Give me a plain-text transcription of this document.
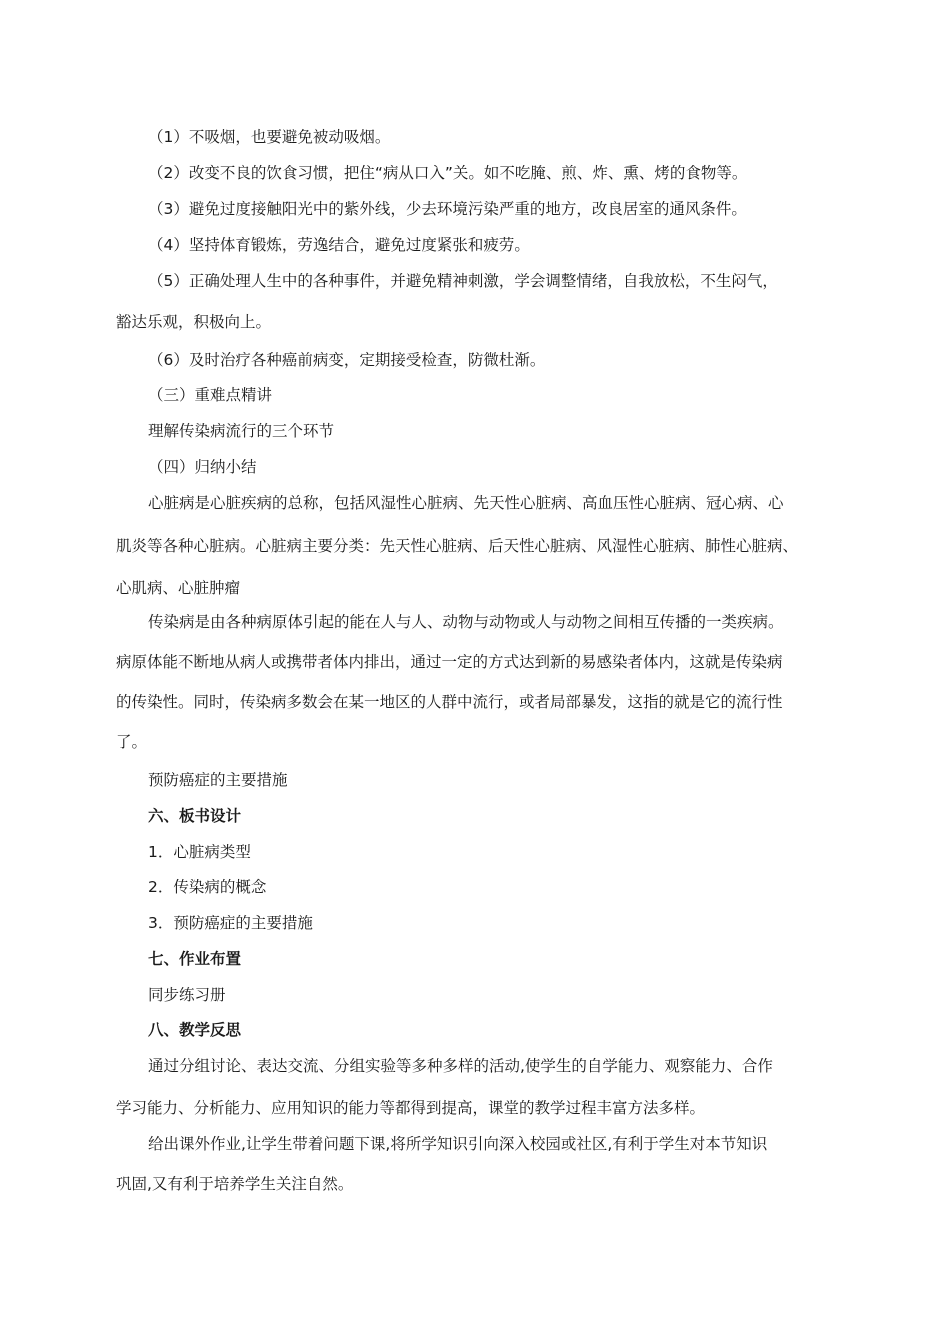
（1）不吸烟，也要避免被动吸烟。
（2）改变不良的饮食习惯，把住“病从口入”关。如不吃腌、煎、炸、熏、烤的食物等。
（3）避免过度接触阳光中的紫外线，少去环境污染严重的地方，改良居室的通风条件。
（4）坚持体育锻炼，劳逸结合，避免过度紧张和疲劳。
（5）正确处理人生中的各种事件，并避免精神刺激，学会调整情绪，自我放松，不生闷气，
豁达乐观，积极向上。
（6）及时治疗各种癌前病变，定期接受检查，防微杜渐。
（三）重难点精讲
理解传染病流行的三个环节
（四）归纳小结
心脏病是心脏疾病的总称，包括风湿性心脏病、先天性心脏病、高血压性心脏病、冠心病、心
肌炎等各种心脏病。心脏病主要分类：先天性心脏病、后天性心脏病、风湿性心脏病、肺性心脏病、
心肌病、心脏肿瘤
传染病是由各种病原体引起的能在人与人、动物与动物或人与动物之间相互传播的一类疾病。
病原体能不断地从病人或携带者体内排出，通过一定的方式达到新的易感染者体内，这就是传染病
的传染性。同时，传染病多数会在某一地区的人群中流行，或者局部暴发，这指的就是它的流行性
了。
预防癌症的主要措施
六、板书设计
1．心脏病类型
2．传染病的概念
3．预防癌症的主要措施
七、作业布置
同步练习册
八、教学反思
通过分组讨论、表达交流、分组实验等多种多样的活动,使学生的自学能力、观察能力、合作
学习能力、分析能力、应用知识的能力等都得到提高，课堂的教学过程丰富方法多样。
给出课外作业,让学生带着问题下课,将所学知识引向深入校园或社区,有利于学生对本节知识
巩固,又有利于培养学生关注自然。
